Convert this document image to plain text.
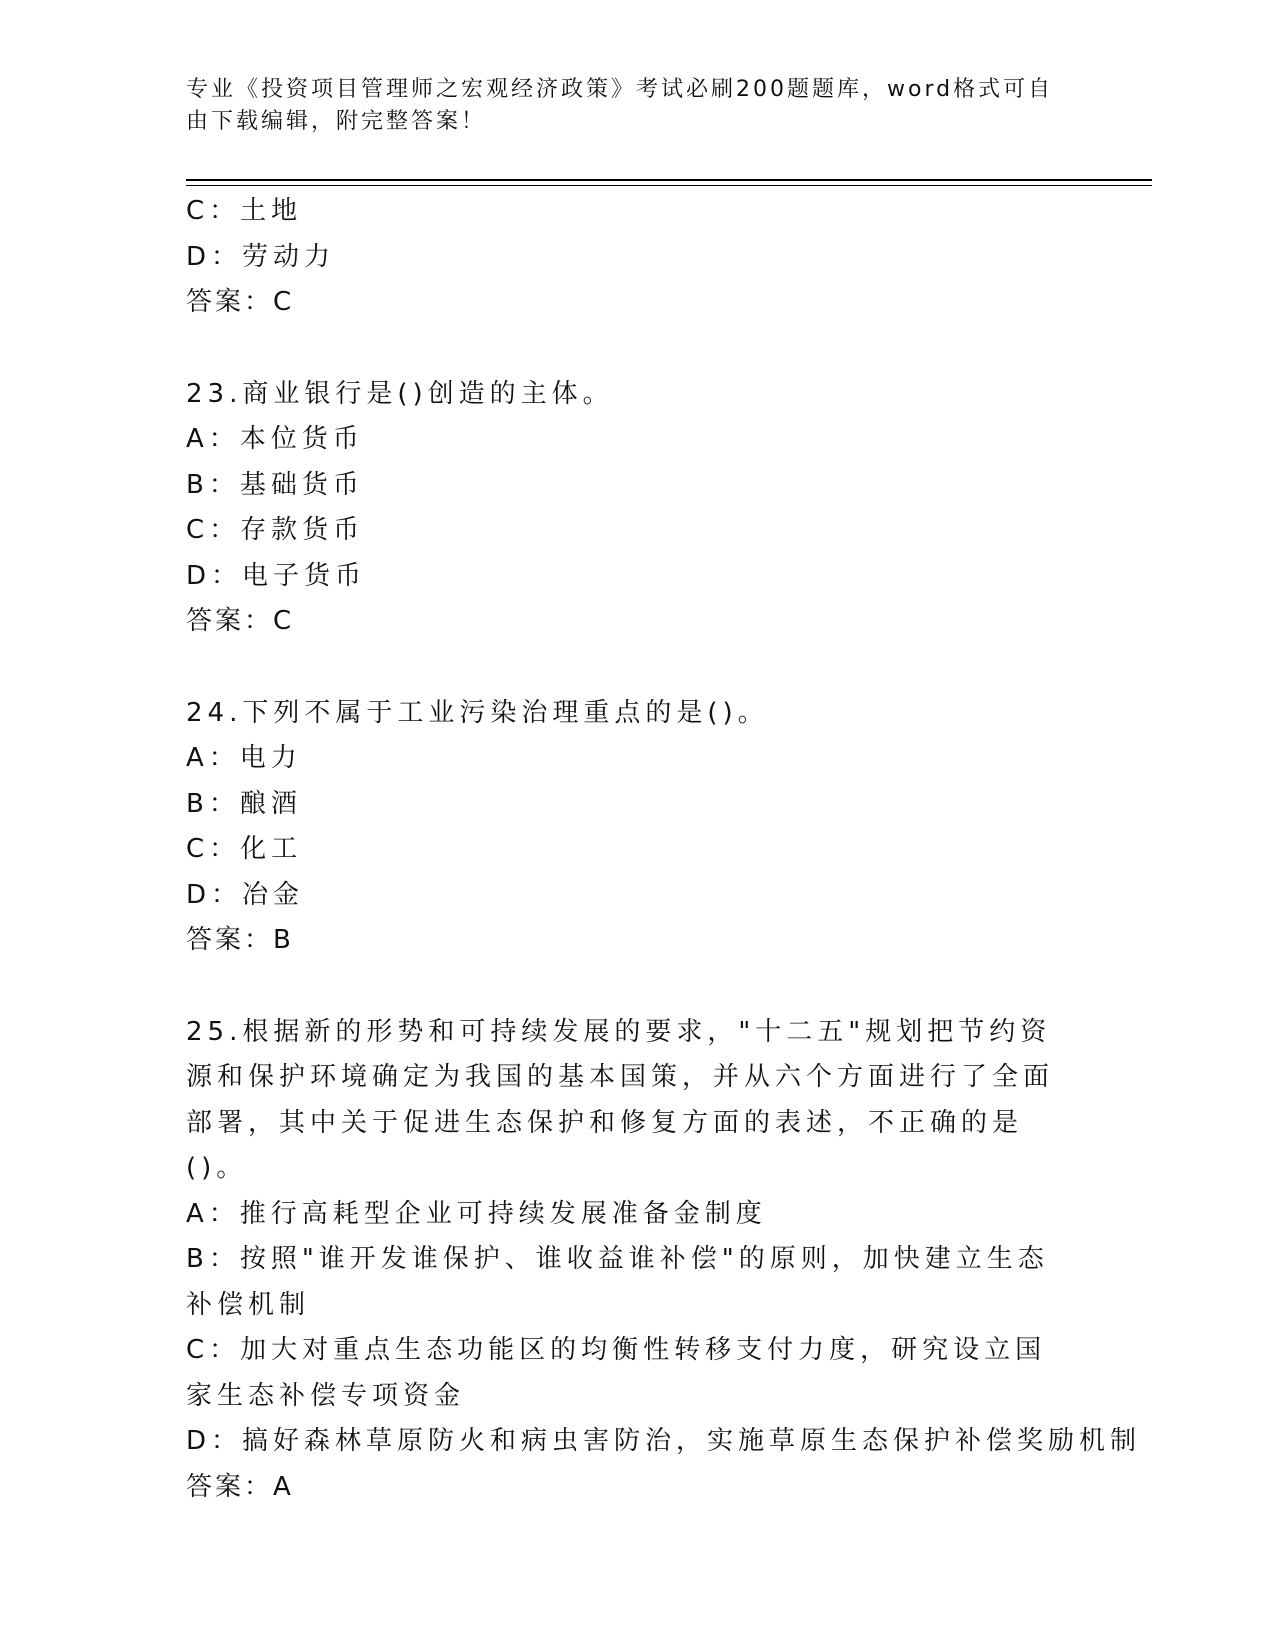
专业《投资项目管理师之宏观经济政策》考试必刷200题题库，word格式可自由下载编辑，附完整答案！
C：土地
D：劳动力
答案：C
23.商业银行是()创造的主体。
A：本位货币
B：基础货币
C：存款货币
D：电子货币
答案：C
24.下列不属于工业污染治理重点的是()。
A：电力
B：酿酒
C：化工
D：冶金
答案：B
25.根据新的形势和可持续发展的要求，"十二五"规划把节约资源和保护环境确定为我国的基本国策，并从六个方面进行了全面部署，其中关于促进生态保护和修复方面的表述，不正确的是()。
A：推行高耗型企业可持续发展准备金制度
B：按照"谁开发谁保护、谁收益谁补偿"的原则，加快建立生态补偿机制
C：加大对重点生态功能区的均衡性转移支付力度，研究设立国家生态补偿专项资金
D：搞好森林草原防火和病虫害防治，实施草原生态保护补偿奖励机制
答案：A
